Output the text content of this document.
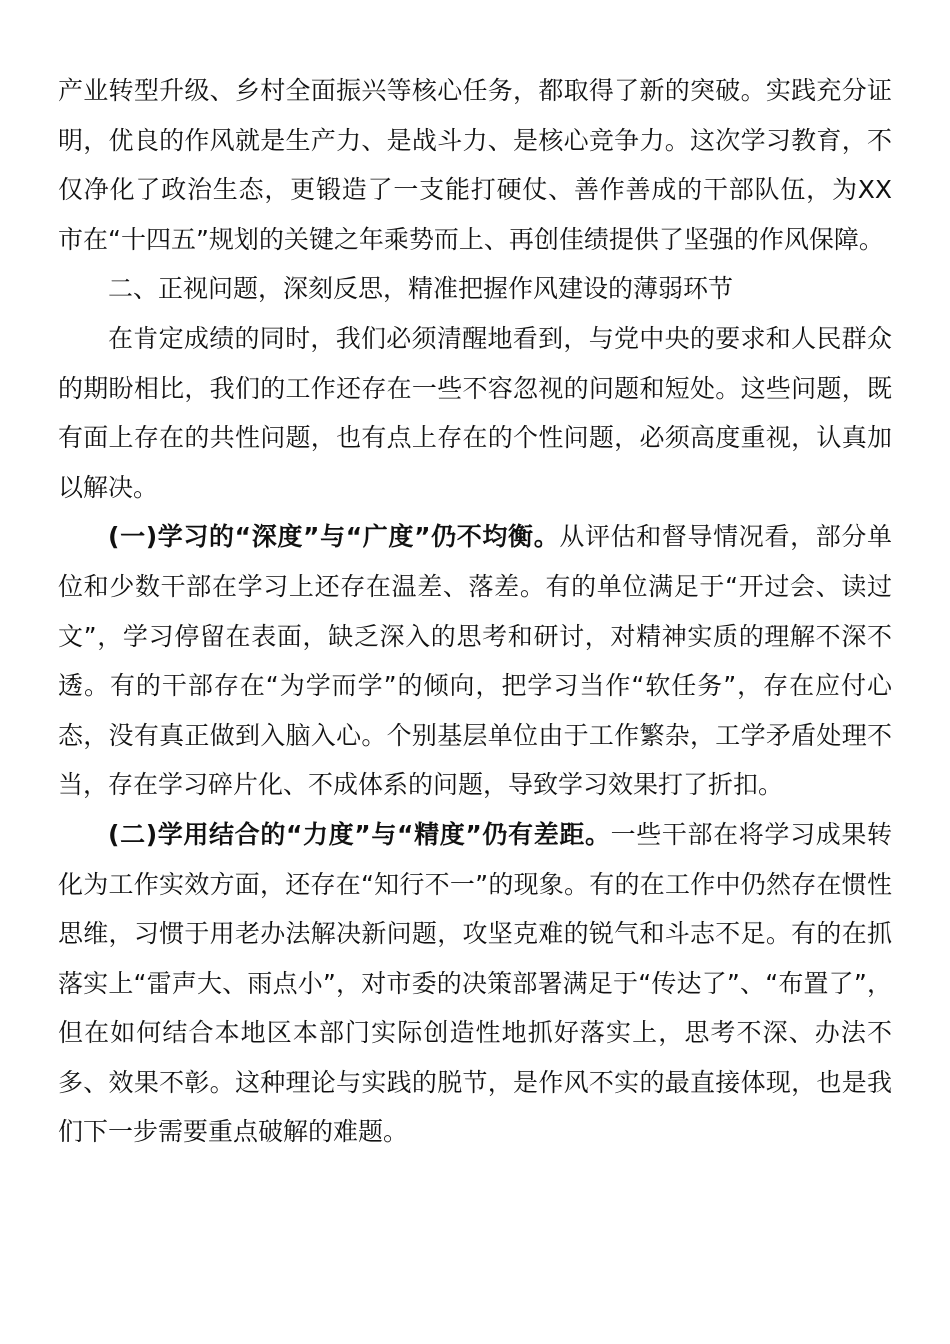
产业转型升级、乡村全面振兴等核心任务，都取得了新的突破。实践充分证明，优良的作风就是生产力、是战斗力、是核心竞争力。这次学习教育，不仅净化了政治生态，更锻造了一支能打硬仗、善作善成的干部队伍，为XX市在“十四五”规划的关键之年乘势而上、再创佳绩提供了坚强的作风保障。

二、正视问题，深刻反思，精准把握作风建设的薄弱环节

在肯定成绩的同时，我们必须清醒地看到，与党中央的要求和人民群众的期盼相比，我们的工作还存在一些不容忽视的问题和短处。这些问题，既有面上存在的共性问题，也有点上存在的个性问题，必须高度重视，认真加以解决。

(一)学习的“深度”与“广度”仍不均衡。从评估和督导情况看，部分单位和少数干部在学习上还存在温差、落差。有的单位满足于“开过会、读过文”，学习停留在表面，缺乏深入的思考和研讨，对精神实质的理解不深不透。有的干部存在“为学而学”的倾向，把学习当作“软任务”，存在应付心态，没有真正做到入脑入心。个别基层单位由于工作繁杂，工学矛盾处理不当，存在学习碎片化、不成体系的问题，导致学习效果打了折扣。

(二)学用结合的“力度”与“精度”仍有差距。一些干部在将学习成果转化为工作实效方面，还存在“知行不一”的现象。有的在工作中仍然存在惯性思维，习惯于用老办法解决新问题，攻坚克难的锐气和斗志不足。有的在抓落实上“雷声大、雨点小”，对市委的决策部署满足于“传达了”、“布置了”，但在如何结合本地区本部门实际创造性地抓好落实上，思考不深、办法不多、效果不彰。这种理论与实践的脱节，是作风不实的最直接体现，也是我们下一步需要重点破解的难题。
